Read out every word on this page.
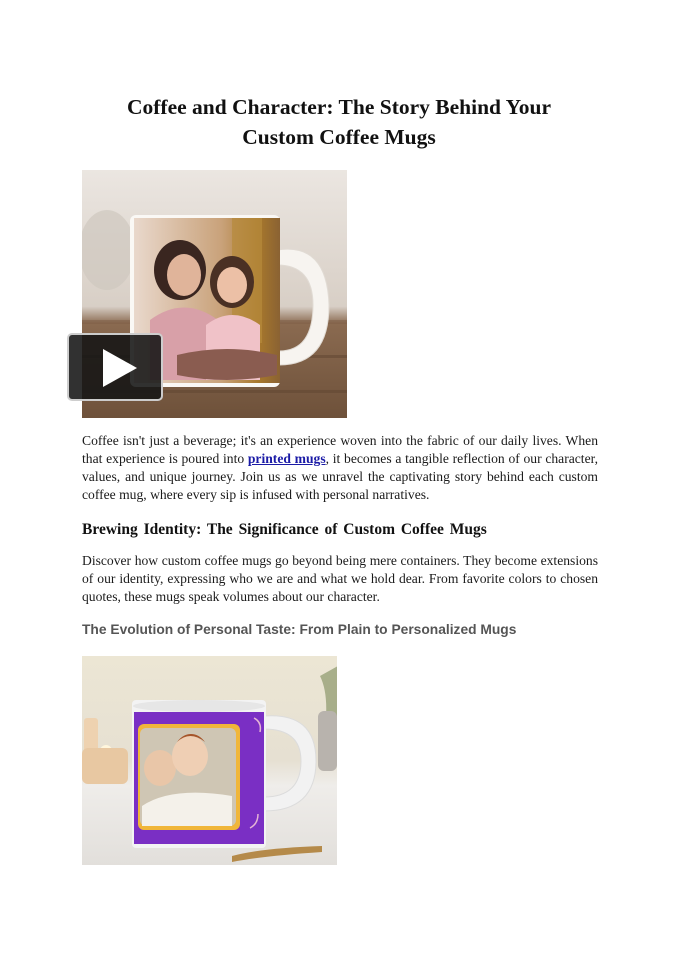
Coffee and Character: The Story Behind Your
Custom Coffee Mugs

Coffee isn't just a beverage; it's an experience woven into the fabric of our daily lives. When that experience is poured into printed mugs, it becomes a tangible reflection of our character, values, and unique journey. Join us as we unravel the captivating story behind each custom coffee mug, where every sip is infused with personal narratives.

Brewing Identity: The Significance of Custom Coffee Mugs

Discover how custom coffee mugs go beyond being mere containers. They become extensions of our identity, expressing who we are and what we hold dear. From favorite colors to chosen quotes, these mugs speak volumes about our character.

The Evolution of Personal Taste: From Plain to Personalized Mugs
